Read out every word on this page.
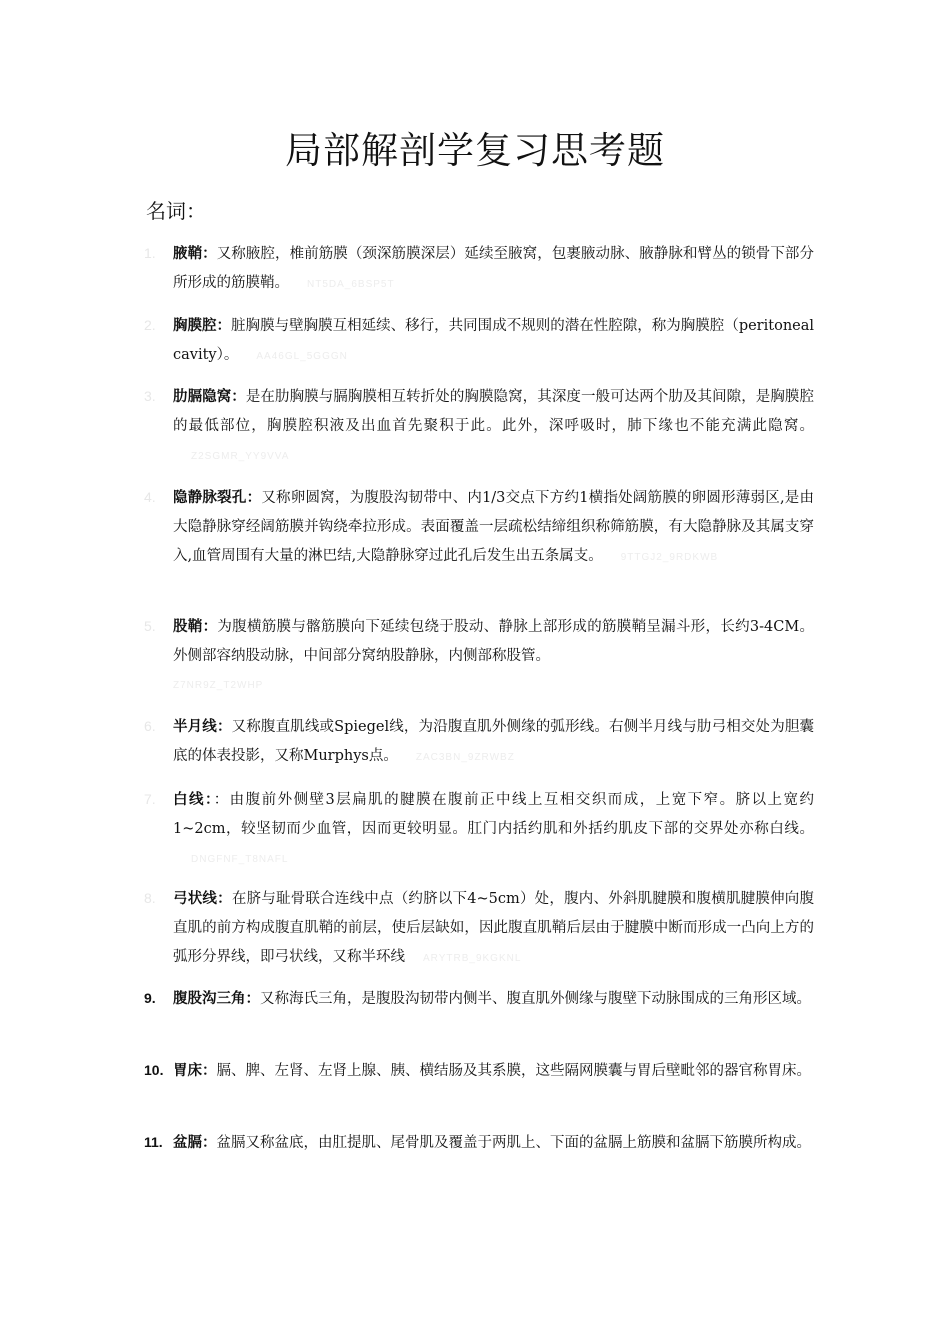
局部解剖学复习思考题
名词：
1.	腋鞘：又称腋腔，椎前筋膜（颈深筋膜深层）延续至腋窝，包裹腋动脉、腋静脉和臂丛的锁骨下部分所形成的筋膜鞘。 NT5DA_6BSP5T
2.	胸膜腔：脏胸膜与壁胸膜互相延续、移行，共同围成不规则的潜在性腔隙，称为胸膜腔（peritoneal cavity）。 AA46GL_5GGGN
3.	肋膈隐窝：是在肋胸膜与膈胸膜相互转折处的胸膜隐窝，其深度一般可达两个肋及其间隙，是胸膜腔的最低部位，胸膜腔积液及出血首先聚积于此。此外，深呼吸时，肺下缘也不能充满此隐窝。Z2SGMR_YY9VVA
4.	隐静脉裂孔：又称卵圆窝，为腹股沟韧带中、内1/3交点下方约1横指处阔筋膜的卵圆形薄弱区,是由大隐静脉穿经阔筋膜并钩绕牵拉形成。表面覆盖一层疏松结缔组织称筛筋膜，有大隐静脉及其属支穿入,血管周围有大量的淋巴结,大隐静脉穿过此孔后发生出五条属支。 9TTGJ2_9RDKWB
5.	股鞘：为腹横筋膜与髂筋膜向下延续包绕于股动、静脉上部形成的筋膜鞘呈漏斗形，长约3-4CM。外侧部容纳股动脉，中间部分窝纳股静脉，内侧部称股管。
Z7NR9Z_T2WHP
6.	半月线：又称腹直肌线或Spiegel线，为沿腹直肌外侧缘的弧形线。右侧半月线与肋弓相交处为胆囊底的体表投影，又称Murphys点。 ZAC3BN_9ZRWBZ
7.	白线：：由腹前外侧壁3层扁肌的腱膜在腹前正中线上互相交织而成，上宽下窄。脐以上宽约1~2cm，较坚韧而少血管，因而更较明显。肛门内括约肌和外括约肌皮下部的交界处亦称白线。DNGFNF_T8NAFL
8.	弓状线：在脐与耻骨联合连线中点（约脐以下4~5cm）处，腹内、外斜肌腱膜和腹横肌腱膜伸向腹直肌的前方构成腹直肌鞘的前层，使后层缺如，因此腹直肌鞘后层由于腱膜中断而形成一凸向上方的弧形分界线，即弓状线，又称半环线 ARYTRB_9KGKNL
9.	腹股沟三角：又称海氏三角，是腹股沟韧带内侧半、腹直肌外侧缘与腹壁下动脉围成的三角形区域。
10. 胃床：膈、脾、左肾、左肾上腺、胰、横结肠及其系膜，这些隔网膜囊与胃后壁毗邻的器官称胃床。
11. 盆膈：盆膈又称盆底，由肛提肌、尾骨肌及覆盖于两肌上、下面的盆膈上筋膜和盆膈下筋膜所构成。
